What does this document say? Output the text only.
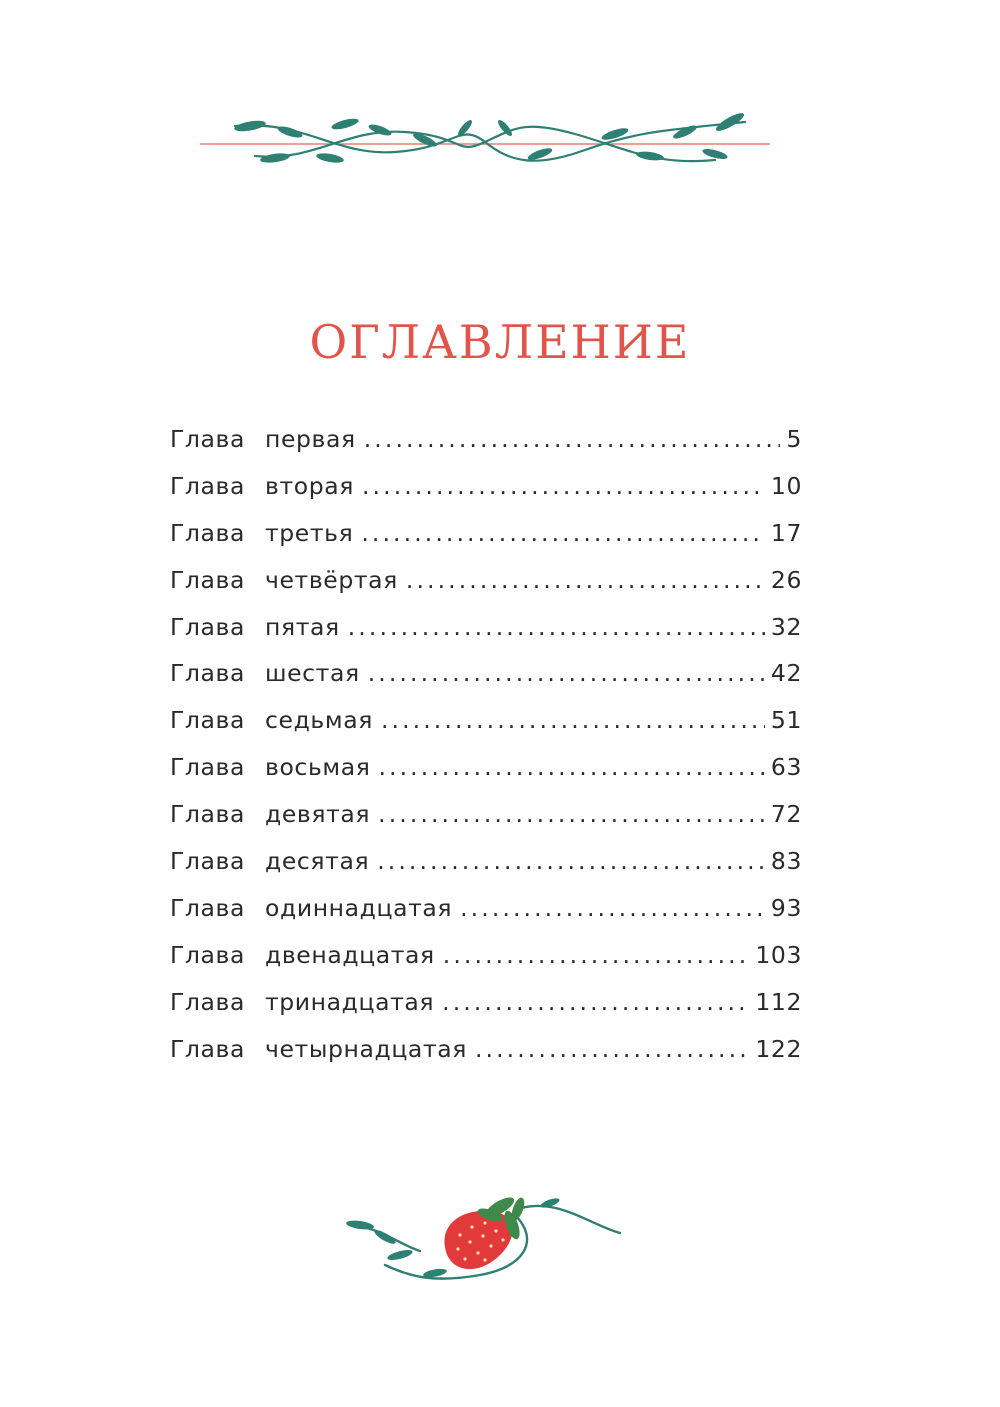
ОГЛАВЛЕНИЕ
Глава первая .....	5
Глава вторая .....	10
Глава третья .....	17
Глава четвёртая .....	26
Глава пятая .....	32
Глава шестая .....	42
Глава седьмая .....	51
Глава восьмая .....	63
Глава девятая .....	72
Глава десятая .....	83
Глава одиннадцатая .....	93
Глава двенадцатая .....	103
Глава тринадцатая .....	112
Глава четырнадцатая .....	122
